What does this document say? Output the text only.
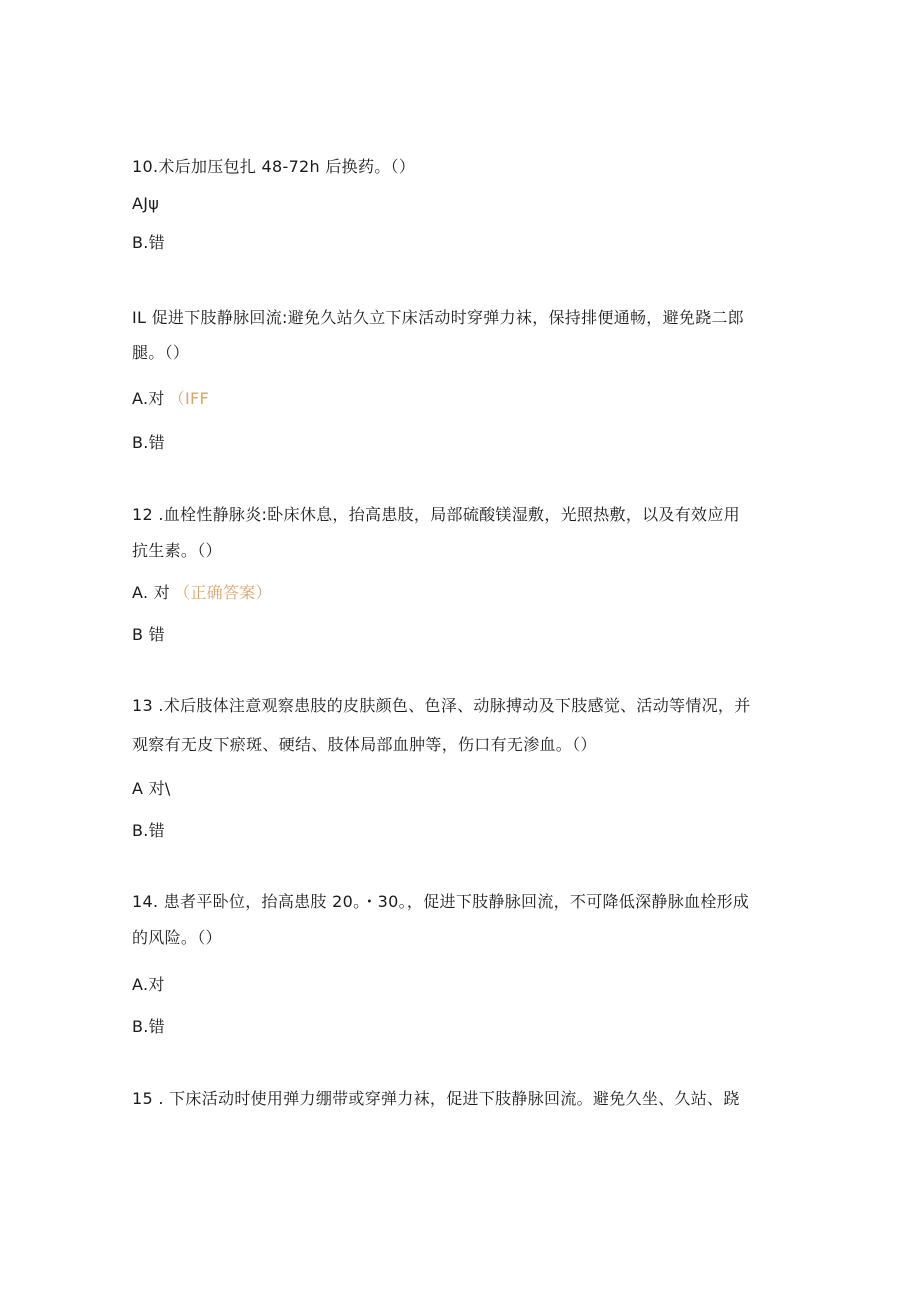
10.术后加压包扎 48-72h 后换药。（）
AJψ
B.错
IL 促进下肢静脉回流:避免久站久立下床活动时穿弹力袜，保持排便通畅，避免跷二郎
腿。（）
A.对 （IFF
B.错
12 .血栓性静脉炎:卧床休息，抬高患肢，局部硫酸镁湿敷，光照热敷，以及有效应用
抗生素。（）
A. 对 （正确答案）
B 错
13 .术后肢体注意观察患肢的皮肤颜色、色泽、动脉搏动及下肢感觉、活动等情况，并
观察有无皮下瘀斑、硬结、肢体局部血肿等，伤口有无渗血。（）
A 对\
B.错
14. 患者平卧位，抬高患肢 20。・30。，促进下肢静脉回流，不可降低深静脉血栓形成
的风险。（）
A.对
B.错
15 . 下床活动时使用弹力绷带或穿弹力袜，促进下肢静脉回流。避免久坐、久站、跷
